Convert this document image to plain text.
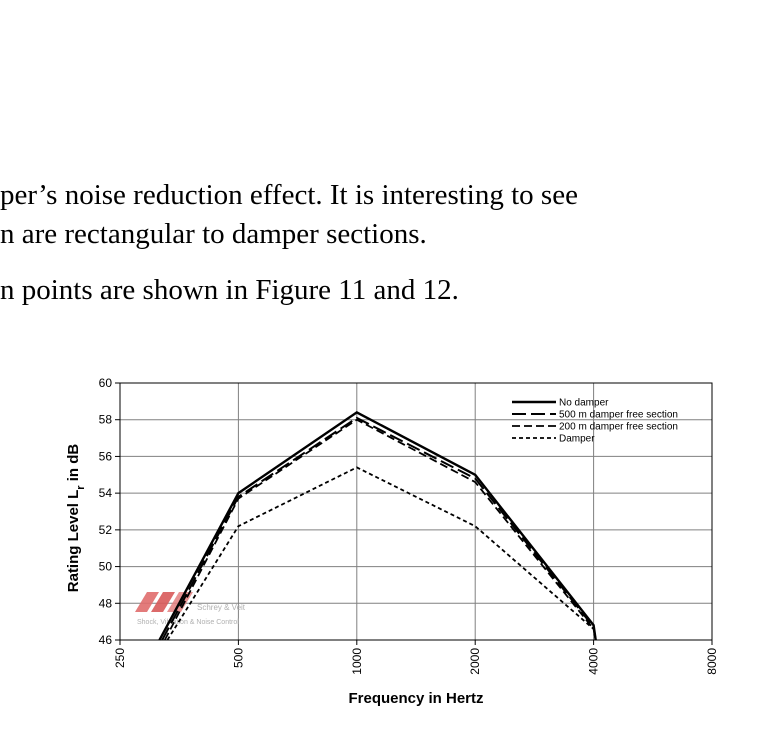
per’s noise reduction effect. It is interesting to see
n are rectangular to damper sections.
n points are shown in Figure 11 and 12.
Schrey & Veit
Shock, Vibration & Noise Control
46
48
50
52
54
56
58
60
250	500	1000	2000	4000	8000
Rating Level $L_r$ in dB
Frequency in Hertz
No damper
500 m damper free section
200 m damper free section
Damper
